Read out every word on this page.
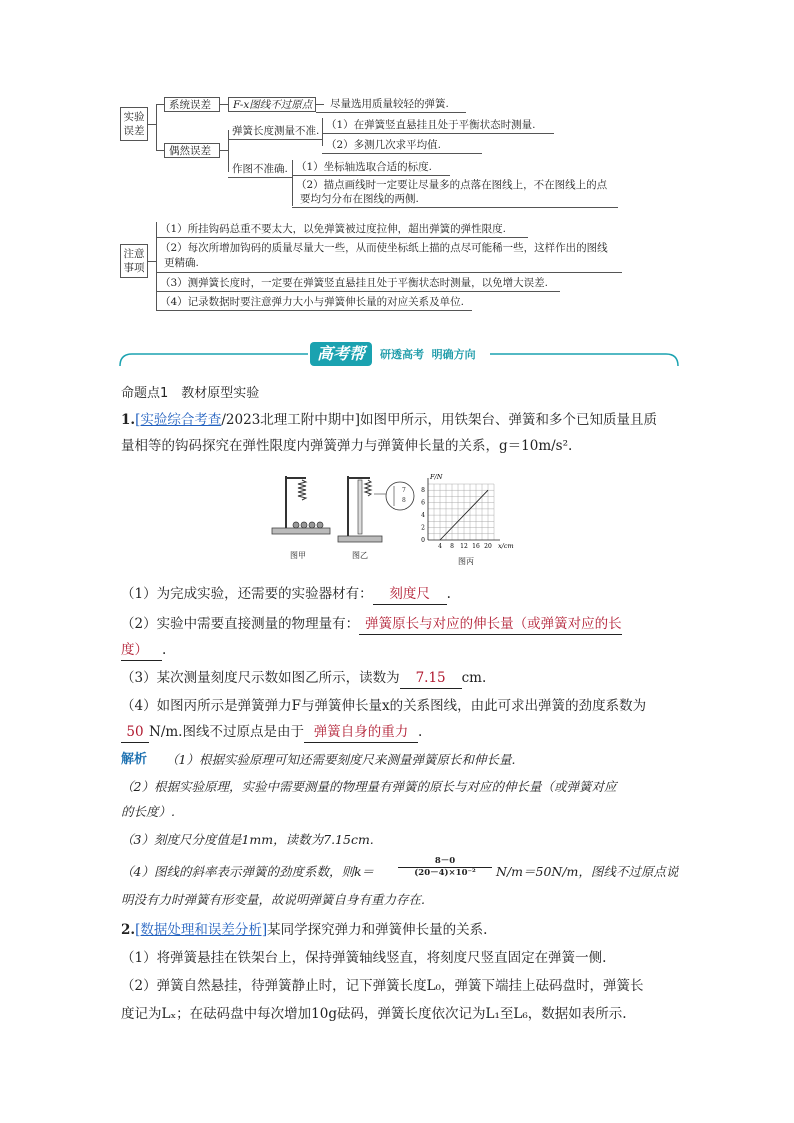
实验误差
系统误差	F-x图线不过原点	尽量选用质量较轻的弹簧.
偶然误差
弹簧长度测量不准. （1）在弹簧竖直悬挂且处于平衡状态时测量.
（2）多测几次求平均值.
作图不准确. （1）坐标轴选取合适的标度.
（2）描点画线时一定要让尽量多的点落在图线上，不在图线上的点
要均匀分布在图线的两侧.
注意事项
（1）所挂钩码总重不要太大，以免弹簧被过度拉伸，超出弹簧的弹性限度.
（2）每次所增加钩码的质量尽量大一些，从而使坐标纸上描的点尽可能稀一些，这样作出的图线
更精确.
（3）测弹簧长度时，一定要在弹簧竖直悬挂且处于平衡状态时测量，以免增大误差.
（4）记录数据时要注意弹力大小与弹簧伸长量的对应关系及单位.
高考帮	研透高考  明确方向
命题点1　教材原型实验
1.[实验综合考查/2023北理工附中期中]如图甲所示，用铁架台、弹簧和多个已知质量且质
量相等的钩码探究在弹性限度内弹簧弹力与弹簧伸长量的关系，g＝10m/s².
图甲
7
8
图乙
4 8 12 16 20
0
2
4
6
8
F/N
x/cm
图丙
（1）为完成实验，还需要的实验器材有： 刻度尺 .
（2）实验中需要直接测量的物理量有： 弹簧原长与对应的伸长量（或弹簧对应的长
度） .
（3）某次测量刻度尺示数如图乙所示，读数为 7.15 cm.
（4）如图丙所示是弹簧弹力F与弹簧伸长量x的关系图线，由此可求出弹簧的劲度系数为
50 N/m.图线不过原点是由于 弹簧自身的重力 .
解析 （1）根据实验原理可知还需要刻度尺来测量弹簧原长和伸长量.
（2）根据实验原理，实验中需要测量的物理量有弹簧的原长与对应的伸长量（或弹簧对应
的长度）.
（3）刻度尺分度值是1mm，读数为7.15cm.
（4）图线的斜率表示弹簧的劲度系数，则k＝
8－0
(20－4)×10⁻²	N/m＝50N/m，图线不过原点说
明没有力时弹簧有形变量，故说明弹簧自身有重力存在.
2.[数据处理和误差分析]某同学探究弹力和弹簧伸长量的关系.
（1）将弹簧悬挂在铁架台上，保持弹簧轴线竖直，将刻度尺竖直固定在弹簧一侧.
（2）弹簧自然悬挂，待弹簧静止时，记下弹簧长度L₀，弹簧下端挂上砝码盘时，弹簧长
度记为Lₓ；在砝码盘中每次增加10g砝码，弹簧长度依次记为L₁至L₆，数据如表所示.
